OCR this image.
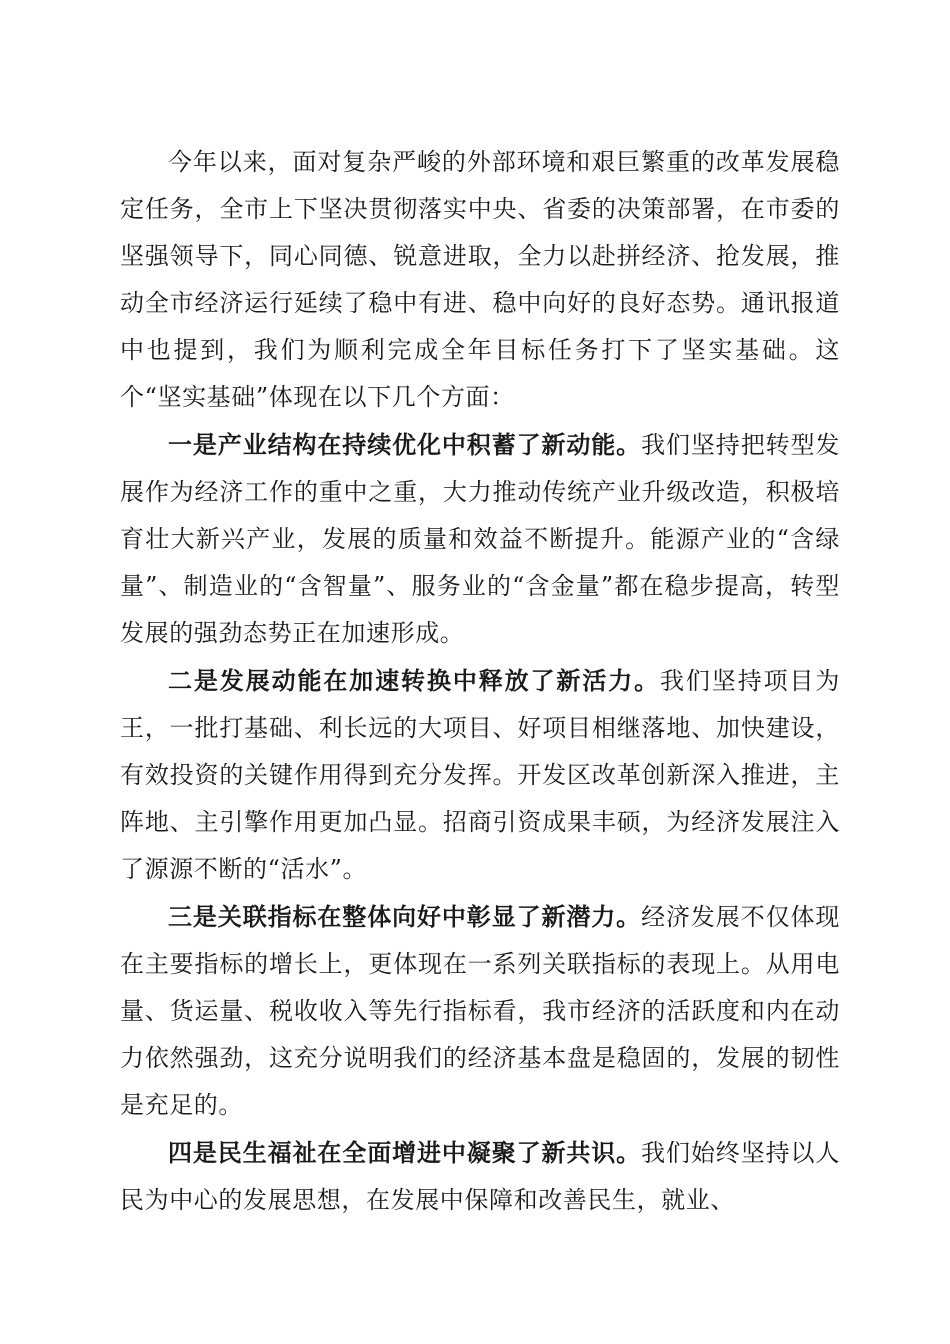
今年以来，面对复杂严峻的外部环境和艰巨繁重的改革发展稳定任务，全市上下坚决贯彻落实中央、省委的决策部署，在市委的坚强领导下，同心同德、锐意进取，全力以赴拼经济、抢发展，推动全市经济运行延续了稳中有进、稳中向好的良好态势。通讯报道中也提到，我们为顺利完成全年目标任务打下了坚实基础。这个“坚实基础”体现在以下几个方面：

一是产业结构在持续优化中积蓄了新动能。我们坚持把转型发展作为经济工作的重中之重，大力推动传统产业升级改造，积极培育壮大新兴产业，发展的质量和效益不断提升。能源产业的“含绿量”、制造业的“含智量”、服务业的“含金量”都在稳步提高，转型发展的强劲态势正在加速形成。

二是发展动能在加速转换中释放了新活力。我们坚持项目为王，一批打基础、利长远的大项目、好项目相继落地、加快建设，有效投资的关键作用得到充分发挥。开发区改革创新深入推进，主阵地、主引擎作用更加凸显。招商引资成果丰硕，为经济发展注入了源源不断的“活水”。

三是关联指标在整体向好中彰显了新潜力。经济发展不仅体现在主要指标的增长上，更体现在一系列关联指标的表现上。从用电量、货运量、税收收入等先行指标看，我市经济的活跃度和内在动力依然强劲，这充分说明我们的经济基本盘是稳固的，发展的韧性是充足的。

四是民生福祉在全面增进中凝聚了新共识。我们始终坚持以人民为中心的发展思想，在发展中保障和改善民生，就业、
